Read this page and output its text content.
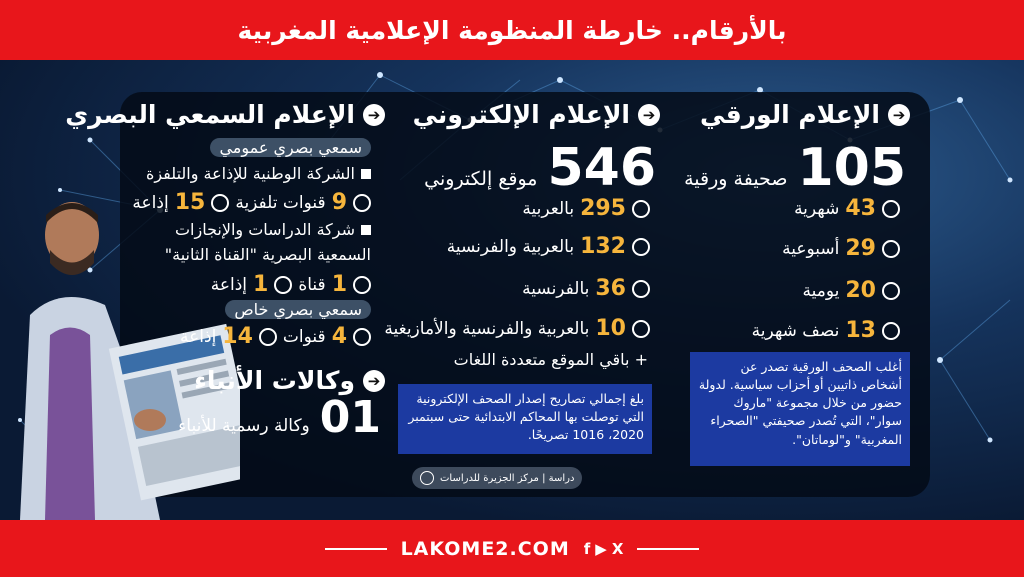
بالأرقام.. خارطة المنظومة الإعلامية المغربية
➔
الإعلام الورقي
105
صحيفة ورقية
43
شهرية
29
أسبوعية
20
يومية
13
نصف شهرية
أغلب الصحف الورقية تصدر عن أشخاص ذاتيين أو أحزاب سياسية. لدولة حضور من خلال مجموعة "ماروك سوار"، التي تُصدر صحيفتي "الصحراء المغربية" و"لوماتان".
➔
الإعلام الإلكتروني
546
موقع إلكتروني
295
بالعربية
132
بالعربية والفرنسية
36
بالفرنسية
10
بالعربية والفرنسية والأمازيغية
+ باقي الموقع متعددة اللغات
بلغ إجمالي تصاريح إصدار الصحف الإلكترونية التي توصلت بها المحاكم الابتدائية حتى سبتمبر 2020، 1016 تصريحًا.
➔
الإعلام السمعي البصري
سمعي بصري عمومي
الشركة الوطنية للإذاعة والتلفزة
9
قنوات تلفزية
15
إذاعة
شركة الدراسات والإنجازات
السمعية البصرية "القناة الثانية"
1
قناة
1
إذاعة
سمعي بصري خاص
4
قنوات
14
إذاعة
➔
وكالات الأنباء
01
وكالة رسمية للأنباء
دراسة | مركز الجزيرة للدراسات
LAKOME2.COM f ▶ X
